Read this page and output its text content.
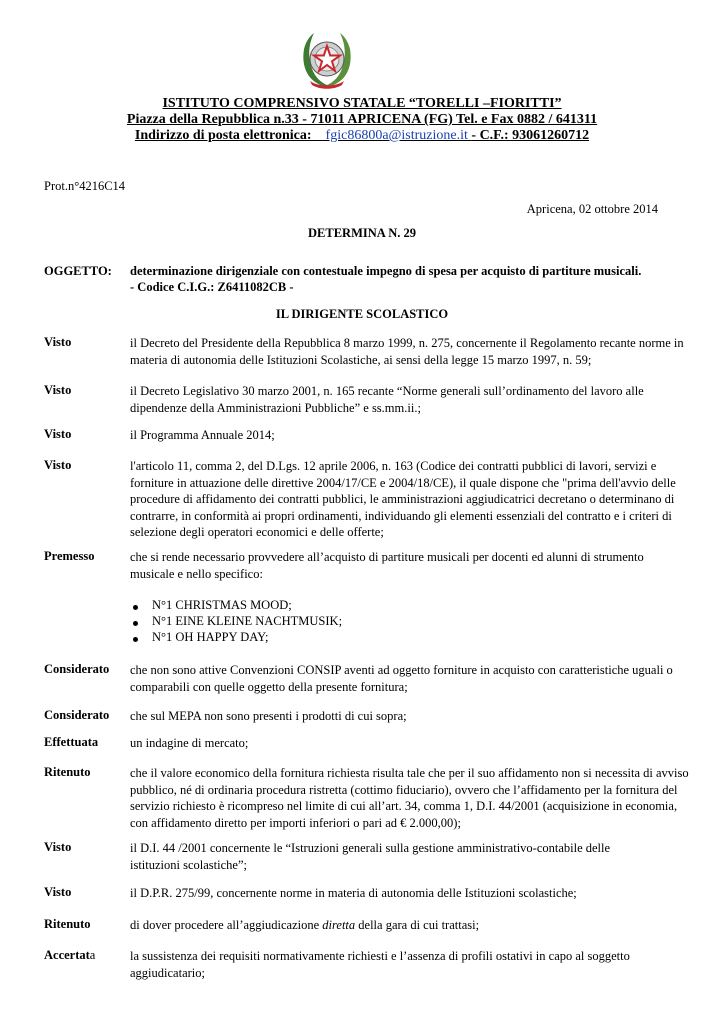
ISTITUTO COMPRENSIVO STATALE “TORELLI –FIORITTI”
Piazza della Repubblica n.33 - 71011 APRICENA (FG) Tel. e Fax 0882 / 641311
Indirizzo di posta elettronica: fgic86800a@istruzione.it - C.F.: 93061260712
Prot.n°4216C14
Apricena, 02 ottobre 2014
DETERMINA N. 29
OGGETTO: determinazione dirigenziale con contestuale impegno di spesa per acquisto di partiture musicali.
- Codice C.I.G.: Z6411082CB -
IL DIRIGENTE SCOLASTICO
Visto	il Decreto del Presidente della Repubblica 8 marzo 1999, n. 275, concernente il Regolamento recante norme in materia di autonomia delle Istituzioni Scolastiche, ai sensi della legge 15 marzo 1997, n. 59;
Visto	il Decreto Legislativo 30 marzo 2001, n. 165 recante “Norme generali sull’ordinamento del lavoro alle dipendenze della Amministrazioni Pubbliche” e ss.mm.ii.;
Visto	il Programma Annuale 2014;
Visto	l'articolo 11, comma 2, del D.Lgs. 12 aprile 2006, n. 163 (Codice dei contratti pubblici di lavori, servizi e forniture in attuazione delle direttive 2004/17/CE e 2004/18/CE), il quale dispone che "prima dell'avvio delle procedure di affidamento dei contratti pubblici, le amministrazioni aggiudicatrici decretano o determinano di contrarre, in conformità ai propri ordinamenti, individuando gli elementi essenziali del contratto e i criteri di selezione degli operatori economici e delle offerte;
Premesso	che si rende necessario provvedere all’acquisto di partiture musicali per docenti ed alunni di strumento musicale e nello specifico:
N°1 CHRISTMAS MOOD;
N°1 EINE KLEINE NACHTMUSIK;
N°1 OH HAPPY DAY;
Considerato che non sono attive Convenzioni CONSIP aventi ad oggetto forniture in acquisto con caratteristiche uguali o comparabili con quelle oggetto della presente fornitura;
Considerato che sul MEPA non sono presenti i prodotti di cui sopra;
Effettuata	un indagine di mercato;
Ritenuto	che il valore economico della fornitura richiesta risulta tale che per il suo affidamento non si necessita di avviso pubblico, né di ordinaria procedura ristretta (cottimo fiduciario), ovvero che l’affidamento per la fornitura del servizio richiesto è ricompreso nel limite di cui all’art. 34, comma 1, D.I. 44/2001 (acquisizione in economia, con affidamento diretto per importi inferiori o pari ad € 2.000,00);
Visto	il D.I. 44 /2001 concernente le “Istruzioni generali sulla gestione amministrativo-contabile delle istituzioni scolastiche”;
Visto	il D.P.R. 275/99, concernente norme in materia di autonomia delle Istituzioni scolastiche;
Ritenuto	di dover procedere all’aggiudicazione diretta della gara di cui trattasi;
Accertata	la sussistenza dei requisiti normativamente richiesti e l’assenza di profili ostativi in capo al soggetto aggiudicatario;
